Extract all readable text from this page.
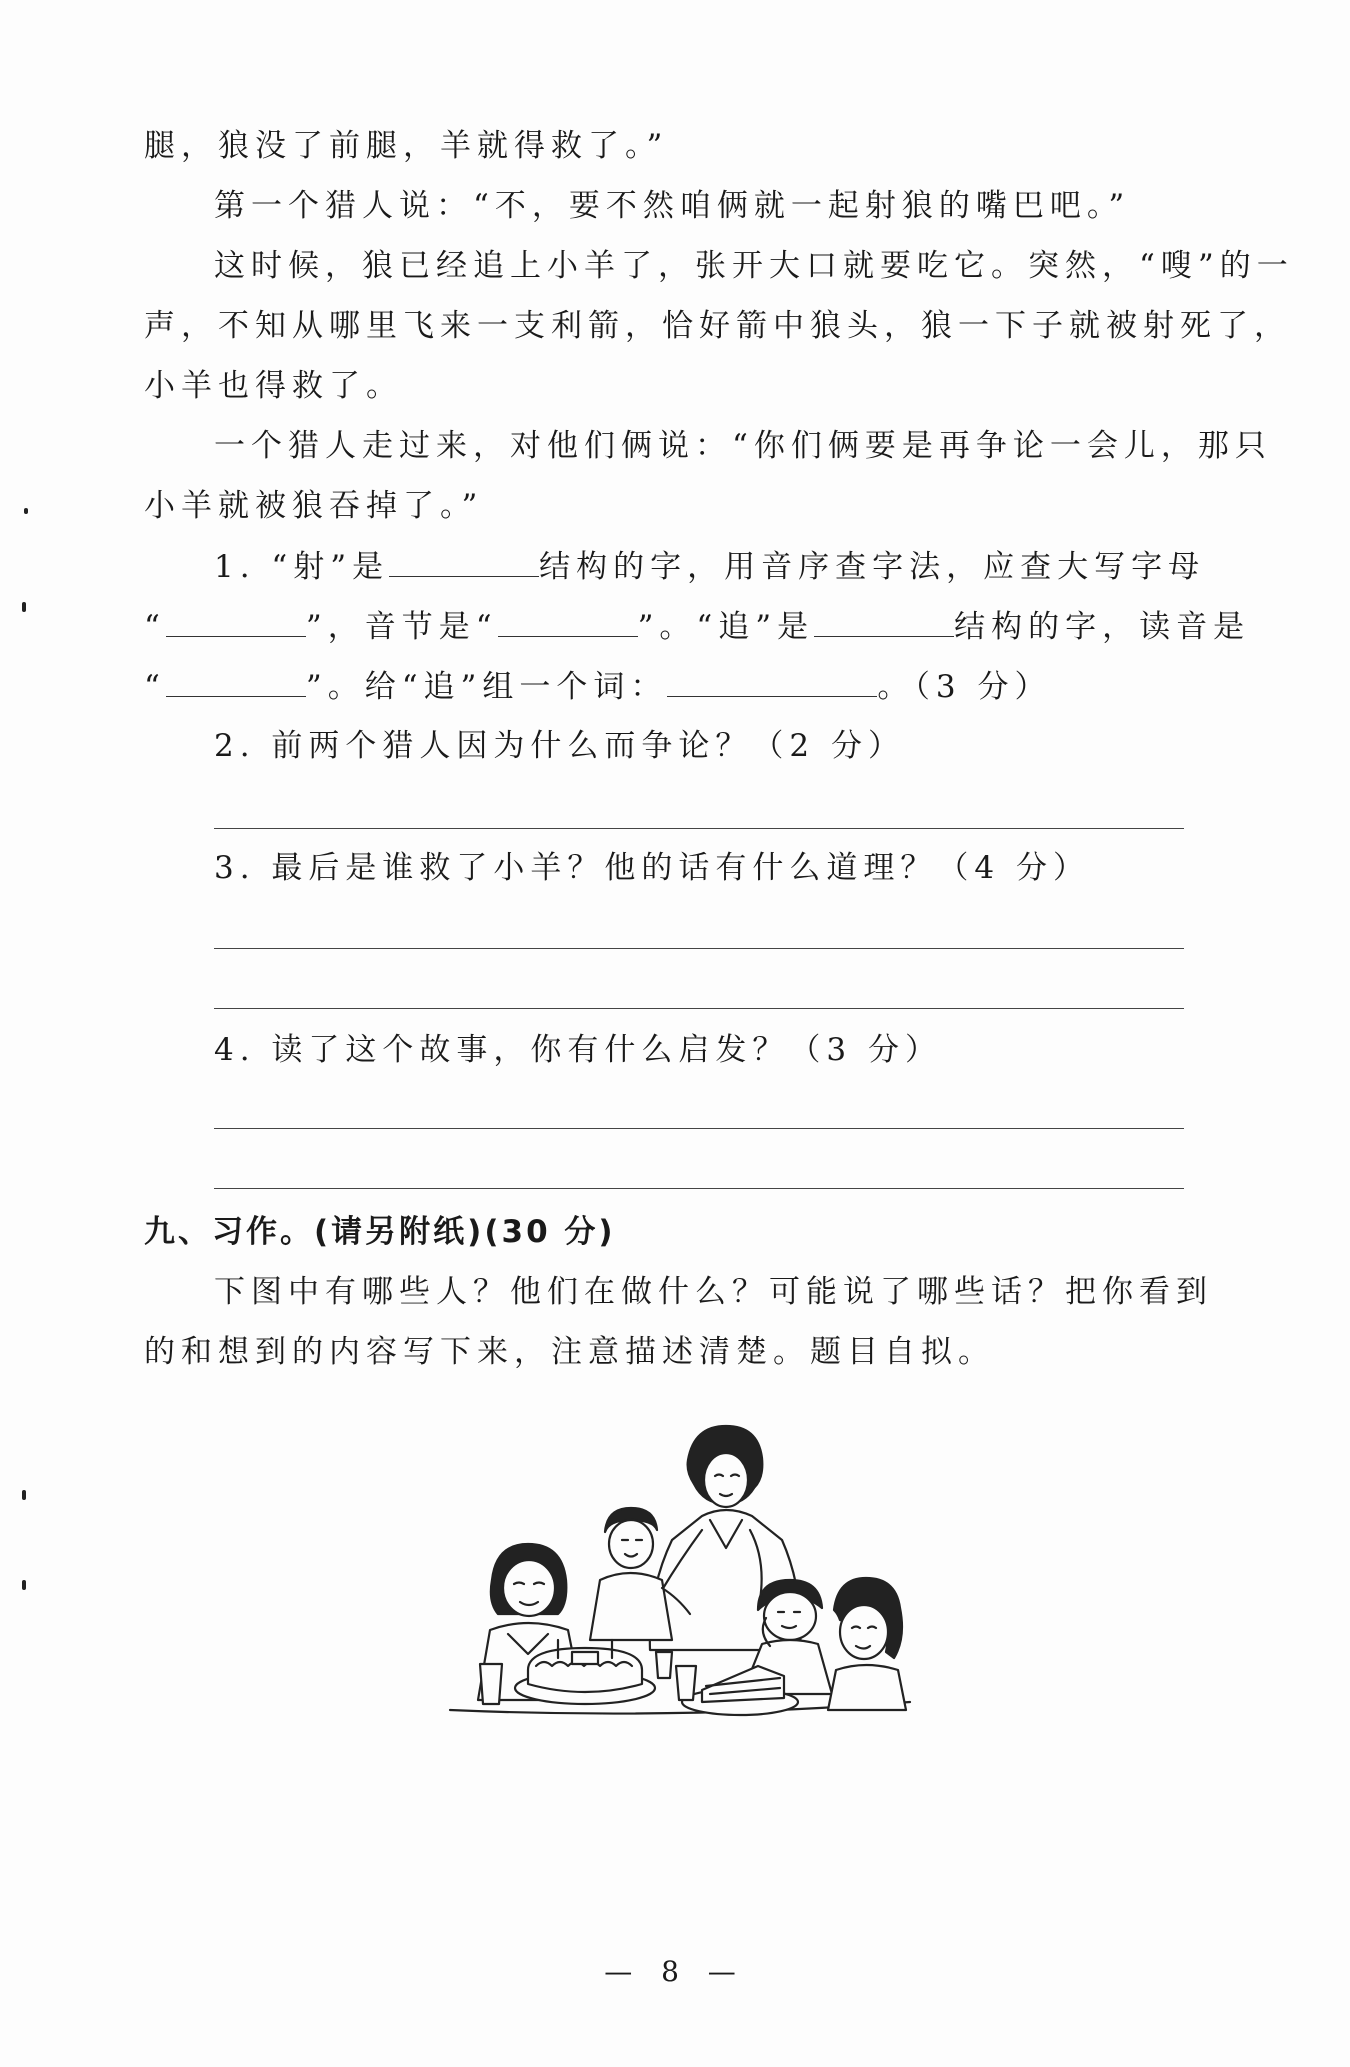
腿，狼没了前腿，羊就得救了。”
第一个猎人说：“不，要不然咱俩就一起射狼的嘴巴吧。”
这时候，狼已经追上小羊了，张开大口就要吃它。突然，“嗖”的一
声，不知从哪里飞来一支利箭，恰好箭中狼头，狼一下子就被射死了，
小羊也得救了。
一个猎人走过来，对他们俩说：“你们俩要是再争论一会儿，那只
小羊就被狼吞掉了。”
1. “射”是	结构的字，用音序查字法，应查大写字母
“	”，音节是“	”。“追”是	结构的字，读音是
“	”。给“追”组一个词：	。（3 分）
2. 前两个猎人因为什么而争论？（2 分）
3. 最后是谁救了小羊？他的话有什么道理？（4 分）
4. 读了这个故事，你有什么启发？（3 分）
九、习作。(请另附纸)(30 分)
下图中有哪些人？他们在做什么？可能说了哪些话？把你看到
的和想到的内容写下来，注意描述清楚。题目自拟。
— 8 —
